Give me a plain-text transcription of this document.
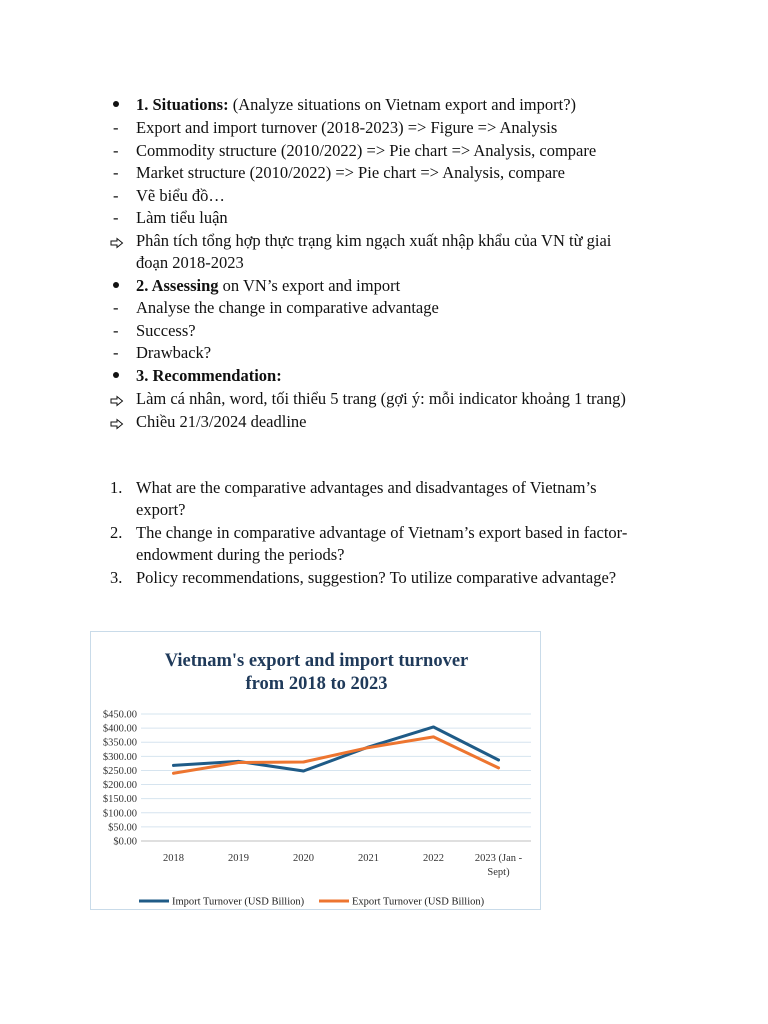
1. Situations: (Analyze situations on Vietnam export and import?)
-	Export and import turnover (2018-2023) => Figure => Analysis
-	Commodity structure (2010/2022) => Pie chart => Analysis, compare
-	Market structure (2010/2022) => Pie chart => Analysis, compare
-	Vẽ biểu đồ…
-	Làm tiểu luận
Phân tích tổng hợp thực trạng kim ngạch xuất nhập khẩu của VN từ giai
đoạn 2018-2023
2. Assessing on VN’s export and import
-	Analyse the change in comparative advantage
-	Success?
-	Drawback?
3. Recommendation:
Làm cá nhân, word, tối thiểu 5 trang (gợi ý: mỗi indicator khoảng 1 trang)
Chiều 21/3/2024 deadline
1. What are the comparative advantages and disadvantages of Vietnam’s
export?
2. The change in comparative advantage of Vietnam’s export based in factor-
endowment during the periods?
3. Policy recommendations, suggestion? To utilize comparative advantage?
Vietnam's export and import turnover
from 2018 to 2023
$0.00
$50.00
$100.00
$150.00
$200.00
$250.00
$300.00
$350.00
$400.00
$450.00
2018	2019	2020	2021	2022	2023 (Jan -
Sept)
Import Turnover (USD Billion)	Export Turnover (USD Billion)
